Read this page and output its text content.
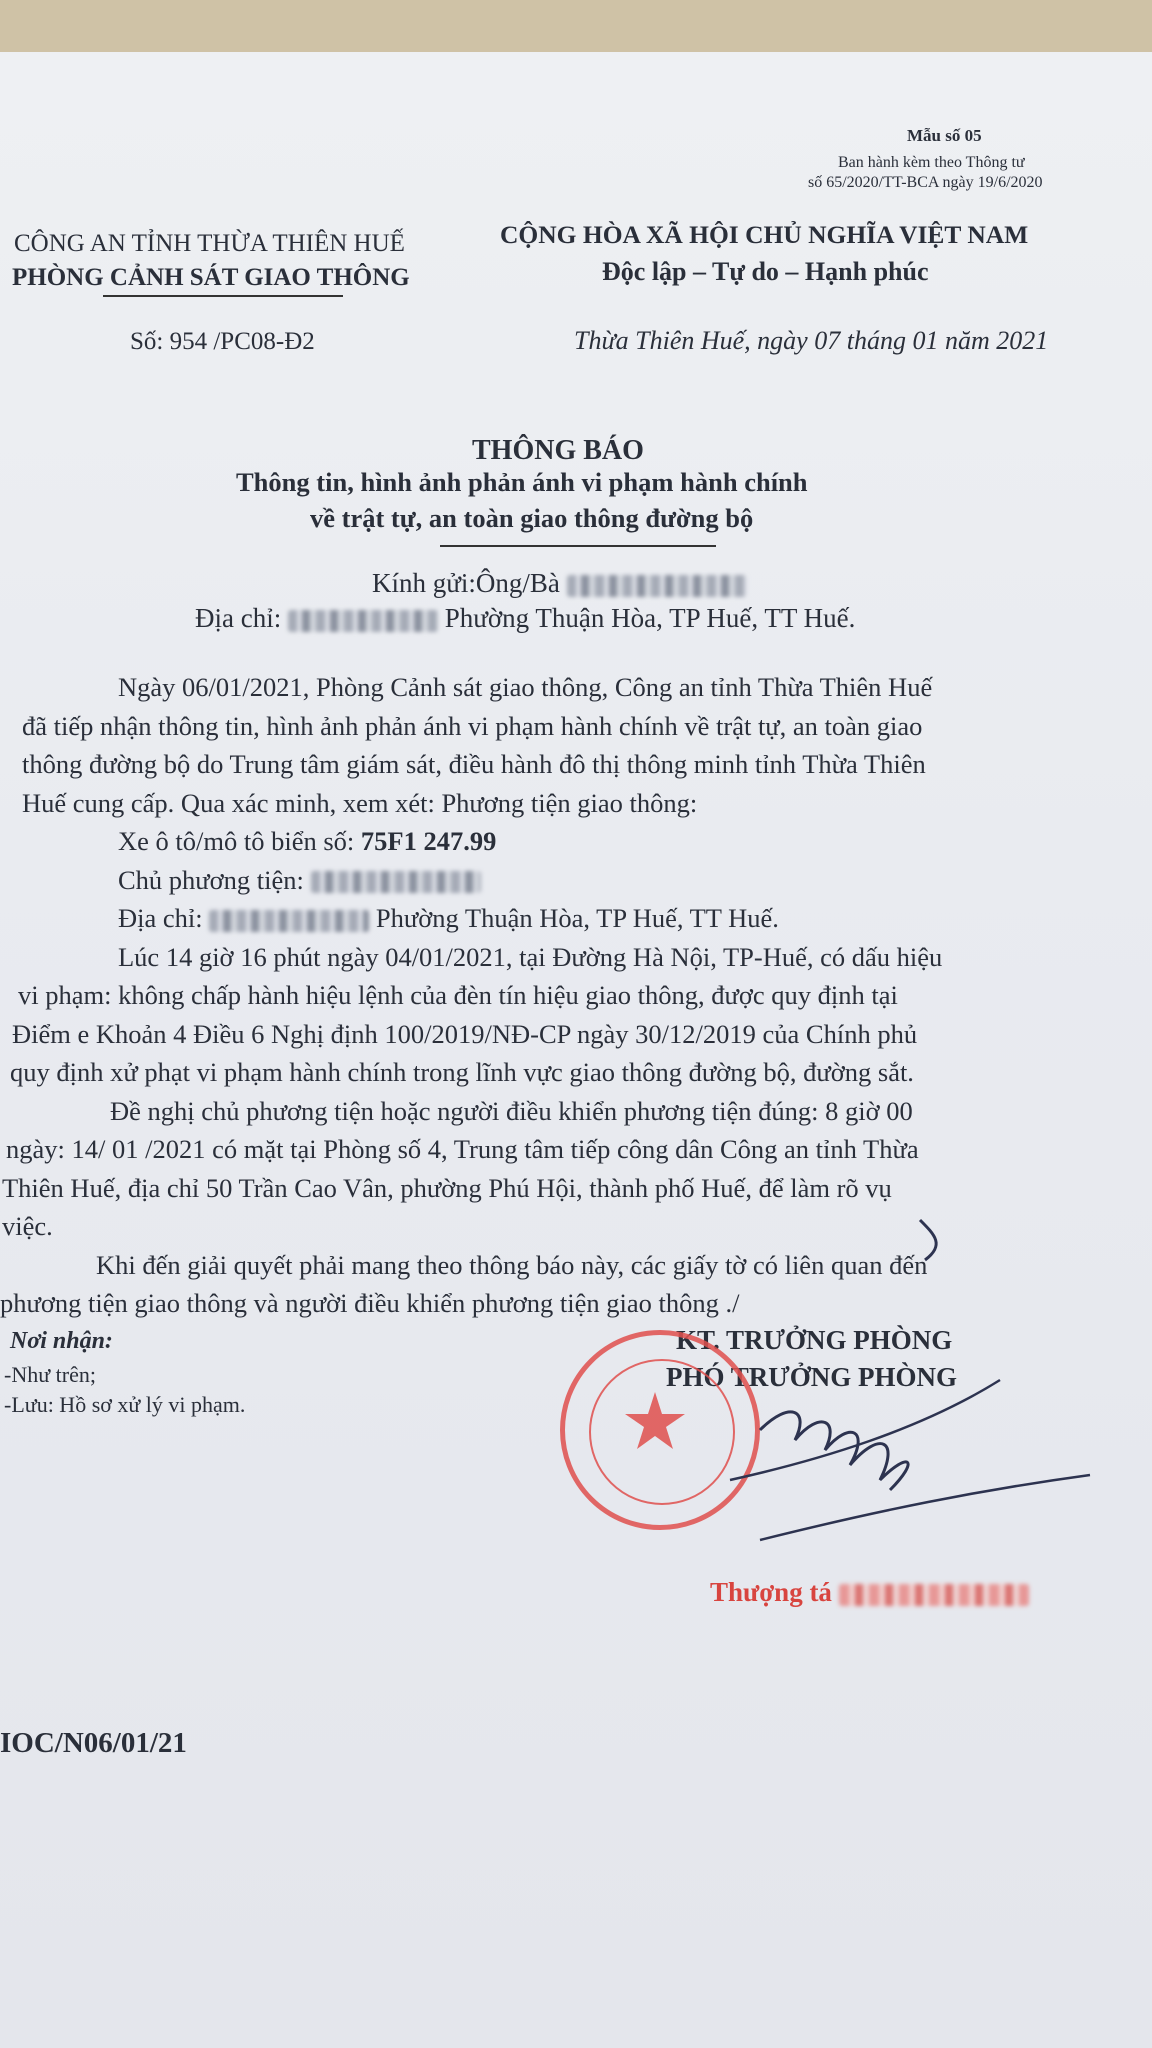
Mẫu số 05
Ban hành kèm theo Thông tư
số 65/2020/TT-BCA ngày 19/6/2020
CÔNG AN TỈNH THỪA THIÊN HUẾ
PHÒNG CẢNH SÁT GIAO THÔNG
CỘNG HÒA XÃ HỘI CHỦ NGHĨA VIỆT NAM
Độc lập – Tự do – Hạnh phúc
Số: 954 /PC08-Đ2	Thừa Thiên Huế, ngày 07 tháng 01 năm 2021
THÔNG BÁO
Thông tin, hình ảnh phản ánh vi phạm hành chính
về trật tự, an toàn giao thông đường bộ
Kính gửi:Ông/Bà
Địa chỉ:	Phường Thuận Hòa, TP Huế, TT Huế.
Ngày 06/01/2021, Phòng Cảnh sát giao thông, Công an tỉnh Thừa Thiên Huế
đã tiếp nhận thông tin, hình ảnh phản ánh vi phạm hành chính về trật tự, an toàn giao
thông đường bộ do Trung tâm giám sát, điều hành đô thị thông minh tỉnh Thừa Thiên
Huế cung cấp. Qua xác minh, xem xét: Phương tiện giao thông:
Xe ô tô/mô tô biển số: 75F1 247.99
Chủ phương tiện:
Địa chỉ:	Phường Thuận Hòa, TP Huế, TT Huế.
Lúc 14 giờ 16 phút ngày 04/01/2021, tại Đường Hà Nội, TP-Huế, có dấu hiệu
vi phạm: không chấp hành hiệu lệnh của đèn tín hiệu giao thông, được quy định tại
Điểm e Khoản 4 Điều 6 Nghị định 100/2019/NĐ-CP ngày 30/12/2019 của Chính phủ
quy định xử phạt vi phạm hành chính trong lĩnh vực giao thông đường bộ, đường sắt.
Đề nghị chủ phương tiện hoặc người điều khiển phương tiện đúng: 8 giờ 00
ngày: 14/ 01 /2021 có mặt tại Phòng số 4, Trung tâm tiếp công dân Công an tỉnh Thừa
Thiên Huế, địa chỉ 50 Trần Cao Vân, phường Phú Hội, thành phố Huế, để làm rõ vụ
việc.
Khi đến giải quyết phải mang theo thông báo này, các giấy tờ có liên quan đến
phương tiện giao thông và người điều khiển phương tiện giao thông ./
Nơi nhận:
-Như trên;
-Lưu: Hồ sơ xử lý vi phạm.
KT. TRƯỞNG PHÒNG
PHÓ TRƯỞNG PHÒNG
Thượng tá
IOC/N06/01/21
